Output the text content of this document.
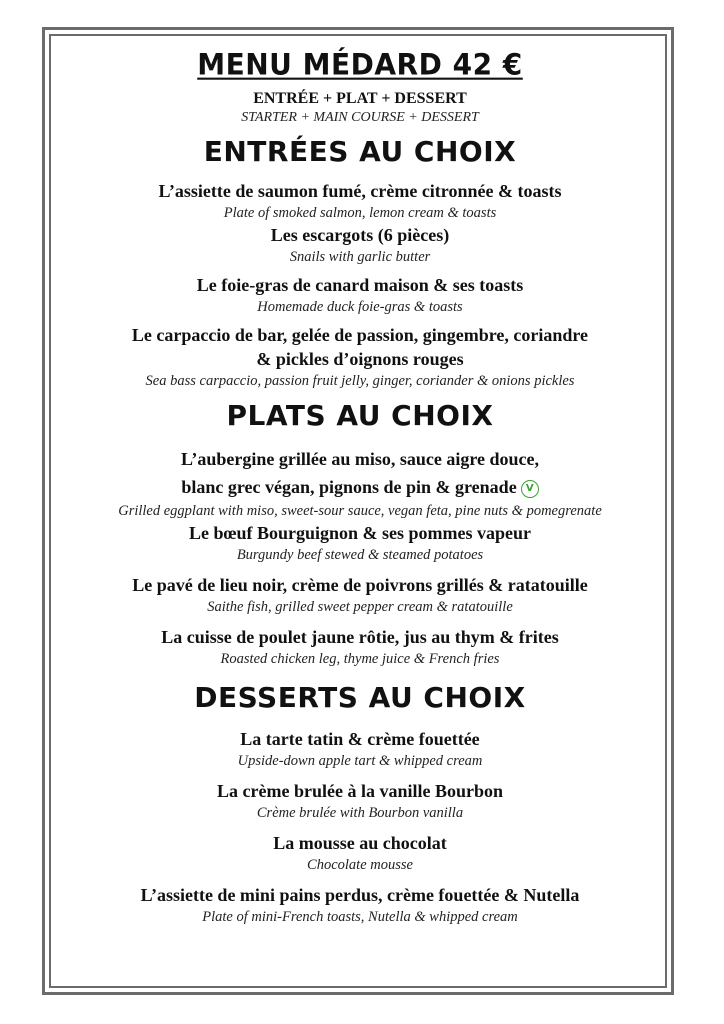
MENU MÉDARD 42 €

ENTRÉE + PLAT + DESSERT

STARTER + MAIN COURSE + DESSERT

ENTRÉES AU CHOIX

L’assiette de saumon fumé, crème citronnée & toasts

Plate of smoked salmon, lemon cream & toasts

Les escargots (6 pièces)

Snails with garlic butter

Le foie-gras de canard maison & ses toasts

Homemade duck foie-gras & toasts

Le carpaccio de bar, gelée de passion, gingembre, coriandre

& pickles d’oignons rouges

Sea bass carpaccio, passion fruit jelly, ginger, coriander & onions pickles

PLATS AU CHOIX

L’aubergine grillée au miso, sauce aigre douce,

blanc grec végan, pignons de pin & grenade V

Grilled eggplant with miso, sweet-sour sauce, vegan feta, pine nuts & pomegrenate

Le bœuf Bourguignon & ses pommes vapeur

Burgundy beef stewed & steamed potatoes

Le pavé de lieu noir, crème de poivrons grillés & ratatouille

Saithe fish, grilled sweet pepper cream & ratatouille

La cuisse de poulet jaune rôtie, jus au thym & frites

Roasted chicken leg, thyme juice & French fries

DESSERTS AU CHOIX

La tarte tatin & crème fouettée

Upside-down apple tart & whipped cream

La crème brulée à la vanille Bourbon

Crème brulée with Bourbon vanilla

La mousse au chocolat

Chocolate mousse

L’assiette de mini pains perdus, crème fouettée & Nutella

Plate of mini-French toasts, Nutella & whipped cream
